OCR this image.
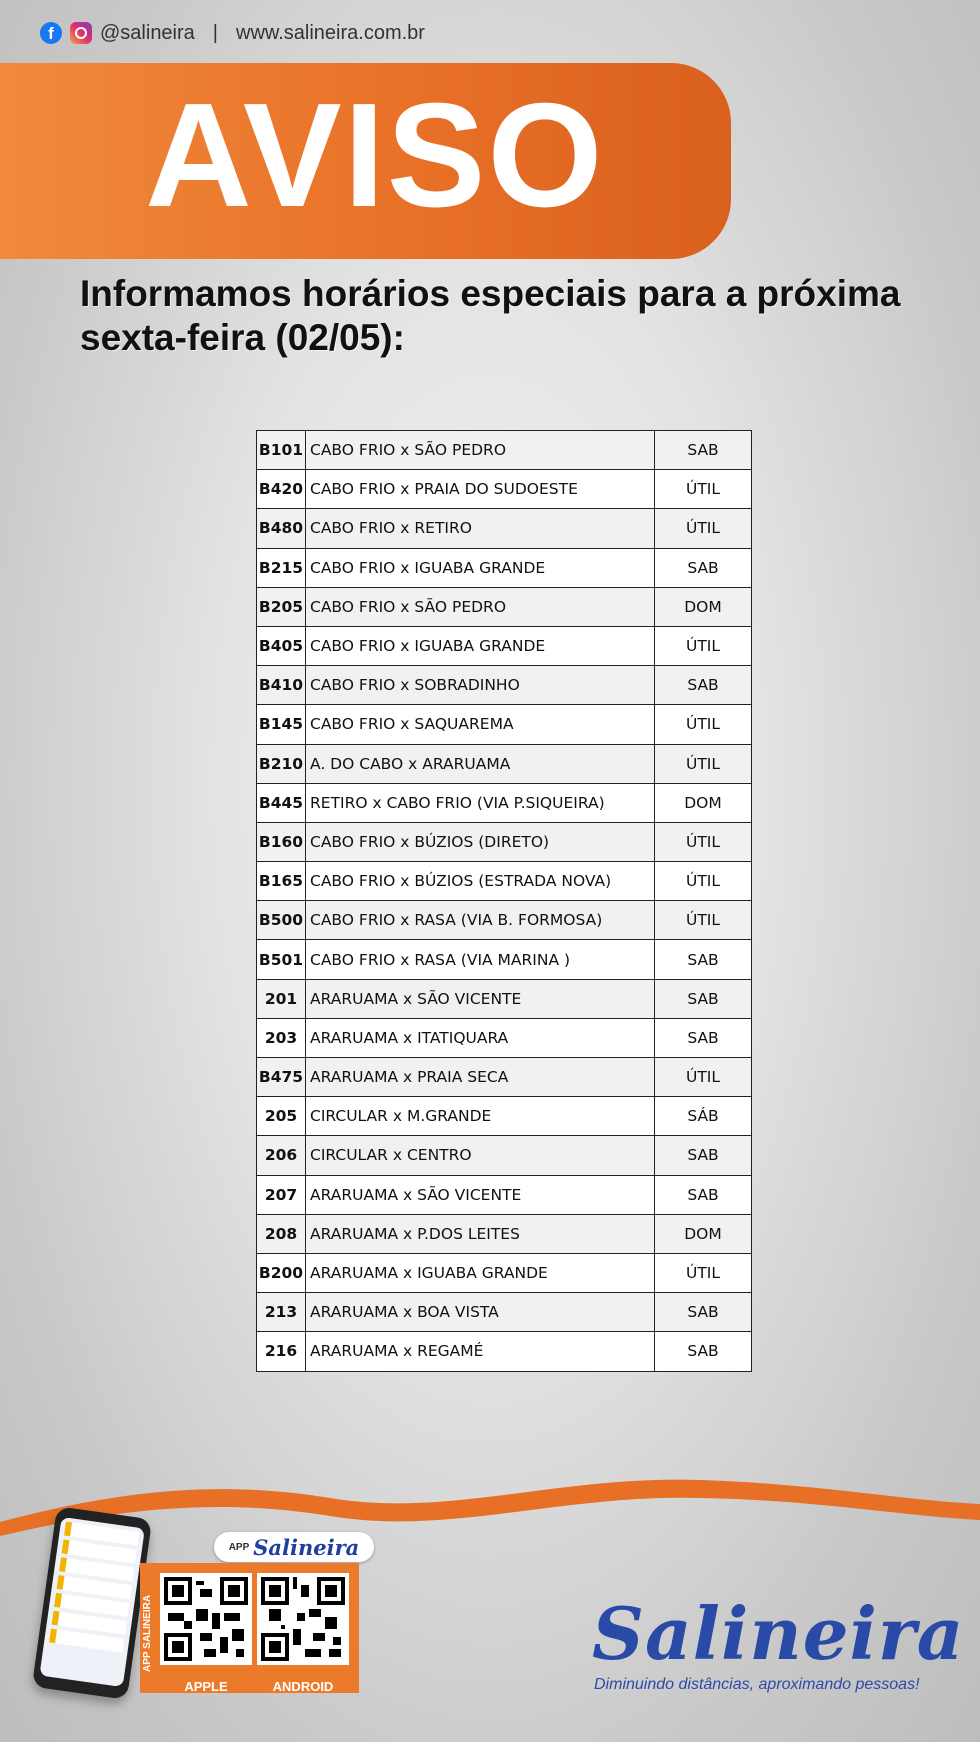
f	@salineira | www.salineira.com.br
AVISO
Informamos horários especiais para a próxima
sexta-feira (02/05):
B101	CABO FRIO x SÃO PEDRO	SAB
B420	CABO FRIO x PRAIA DO SUDOESTE	ÚTIL
B480	CABO FRIO x RETIRO	ÚTIL
B215	CABO FRIO x IGUABA GRANDE	SAB
B205	CABO FRIO x SÃO PEDRO	DOM
B405	CABO FRIO x IGUABA GRANDE	ÚTIL
B410	CABO FRIO x SOBRADINHO	SAB
B145	CABO FRIO x SAQUAREMA	ÚTIL
B210	A. DO CABO x ARARUAMA	ÚTIL
B445	RETIRO x CABO FRIO (VIA P.SIQUEIRA)	DOM
B160	CABO FRIO x BÚZIOS (DIRETO)	ÚTIL
B165	CABO FRIO x BÚZIOS (ESTRADA NOVA)	ÚTIL
B500	CABO FRIO x RASA (VIA B. FORMOSA)	ÚTIL
B501	CABO FRIO x RASA (VIA MARINA )	SAB
201	ARARUAMA x SÃO VICENTE	SAB
203	ARARUAMA x ITATIQUARA	SAB
B475	ARARUAMA x PRAIA SECA	ÚTIL
205	CIRCULAR x M.GRANDE	SÁB
206	CIRCULAR x CENTRO	SAB
207	ARARUAMA x SÃO VICENTE	SAB
208	ARARUAMA x P.DOS LEITES	DOM
B200	ARARUAMA x IGUABA GRANDE	ÚTIL
213	ARARUAMA x BOA VISTA	SAB
216	ARARUAMA x REGAMÉ	SAB
APP Salineira
APP SALINEIRA
APPLE	ANDROID
Salineira
Diminuindo distâncias, aproximando pessoas!
